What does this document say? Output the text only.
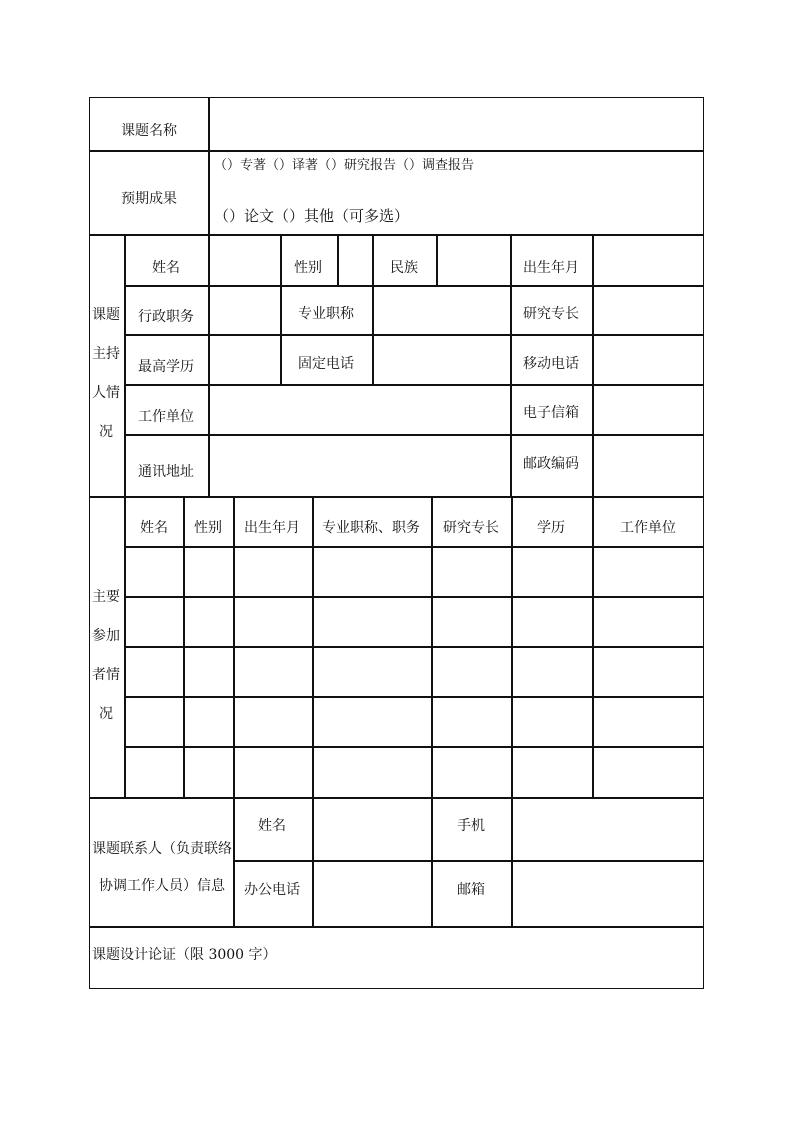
课题名称
预期成果
（）专著（）译著（）研究报告（）调查报告
（）论文（）其他（可多选）
课题
主持
人情
况
姓名	性别	民族	出生年月
行政职务	专业职称	研究专长
最高学历	固定电话	移动电话
工作单位	电子信箱
通讯地址	邮政编码
主要
参加
者情
况
姓名 性别 出生年月 专业职称、职务 研究专长	学历	工作单位
课题联系人（负责联络
协调工作人员）信息
姓名	手机
办公电话	邮箱
课题设计论证（限 3000 字）
